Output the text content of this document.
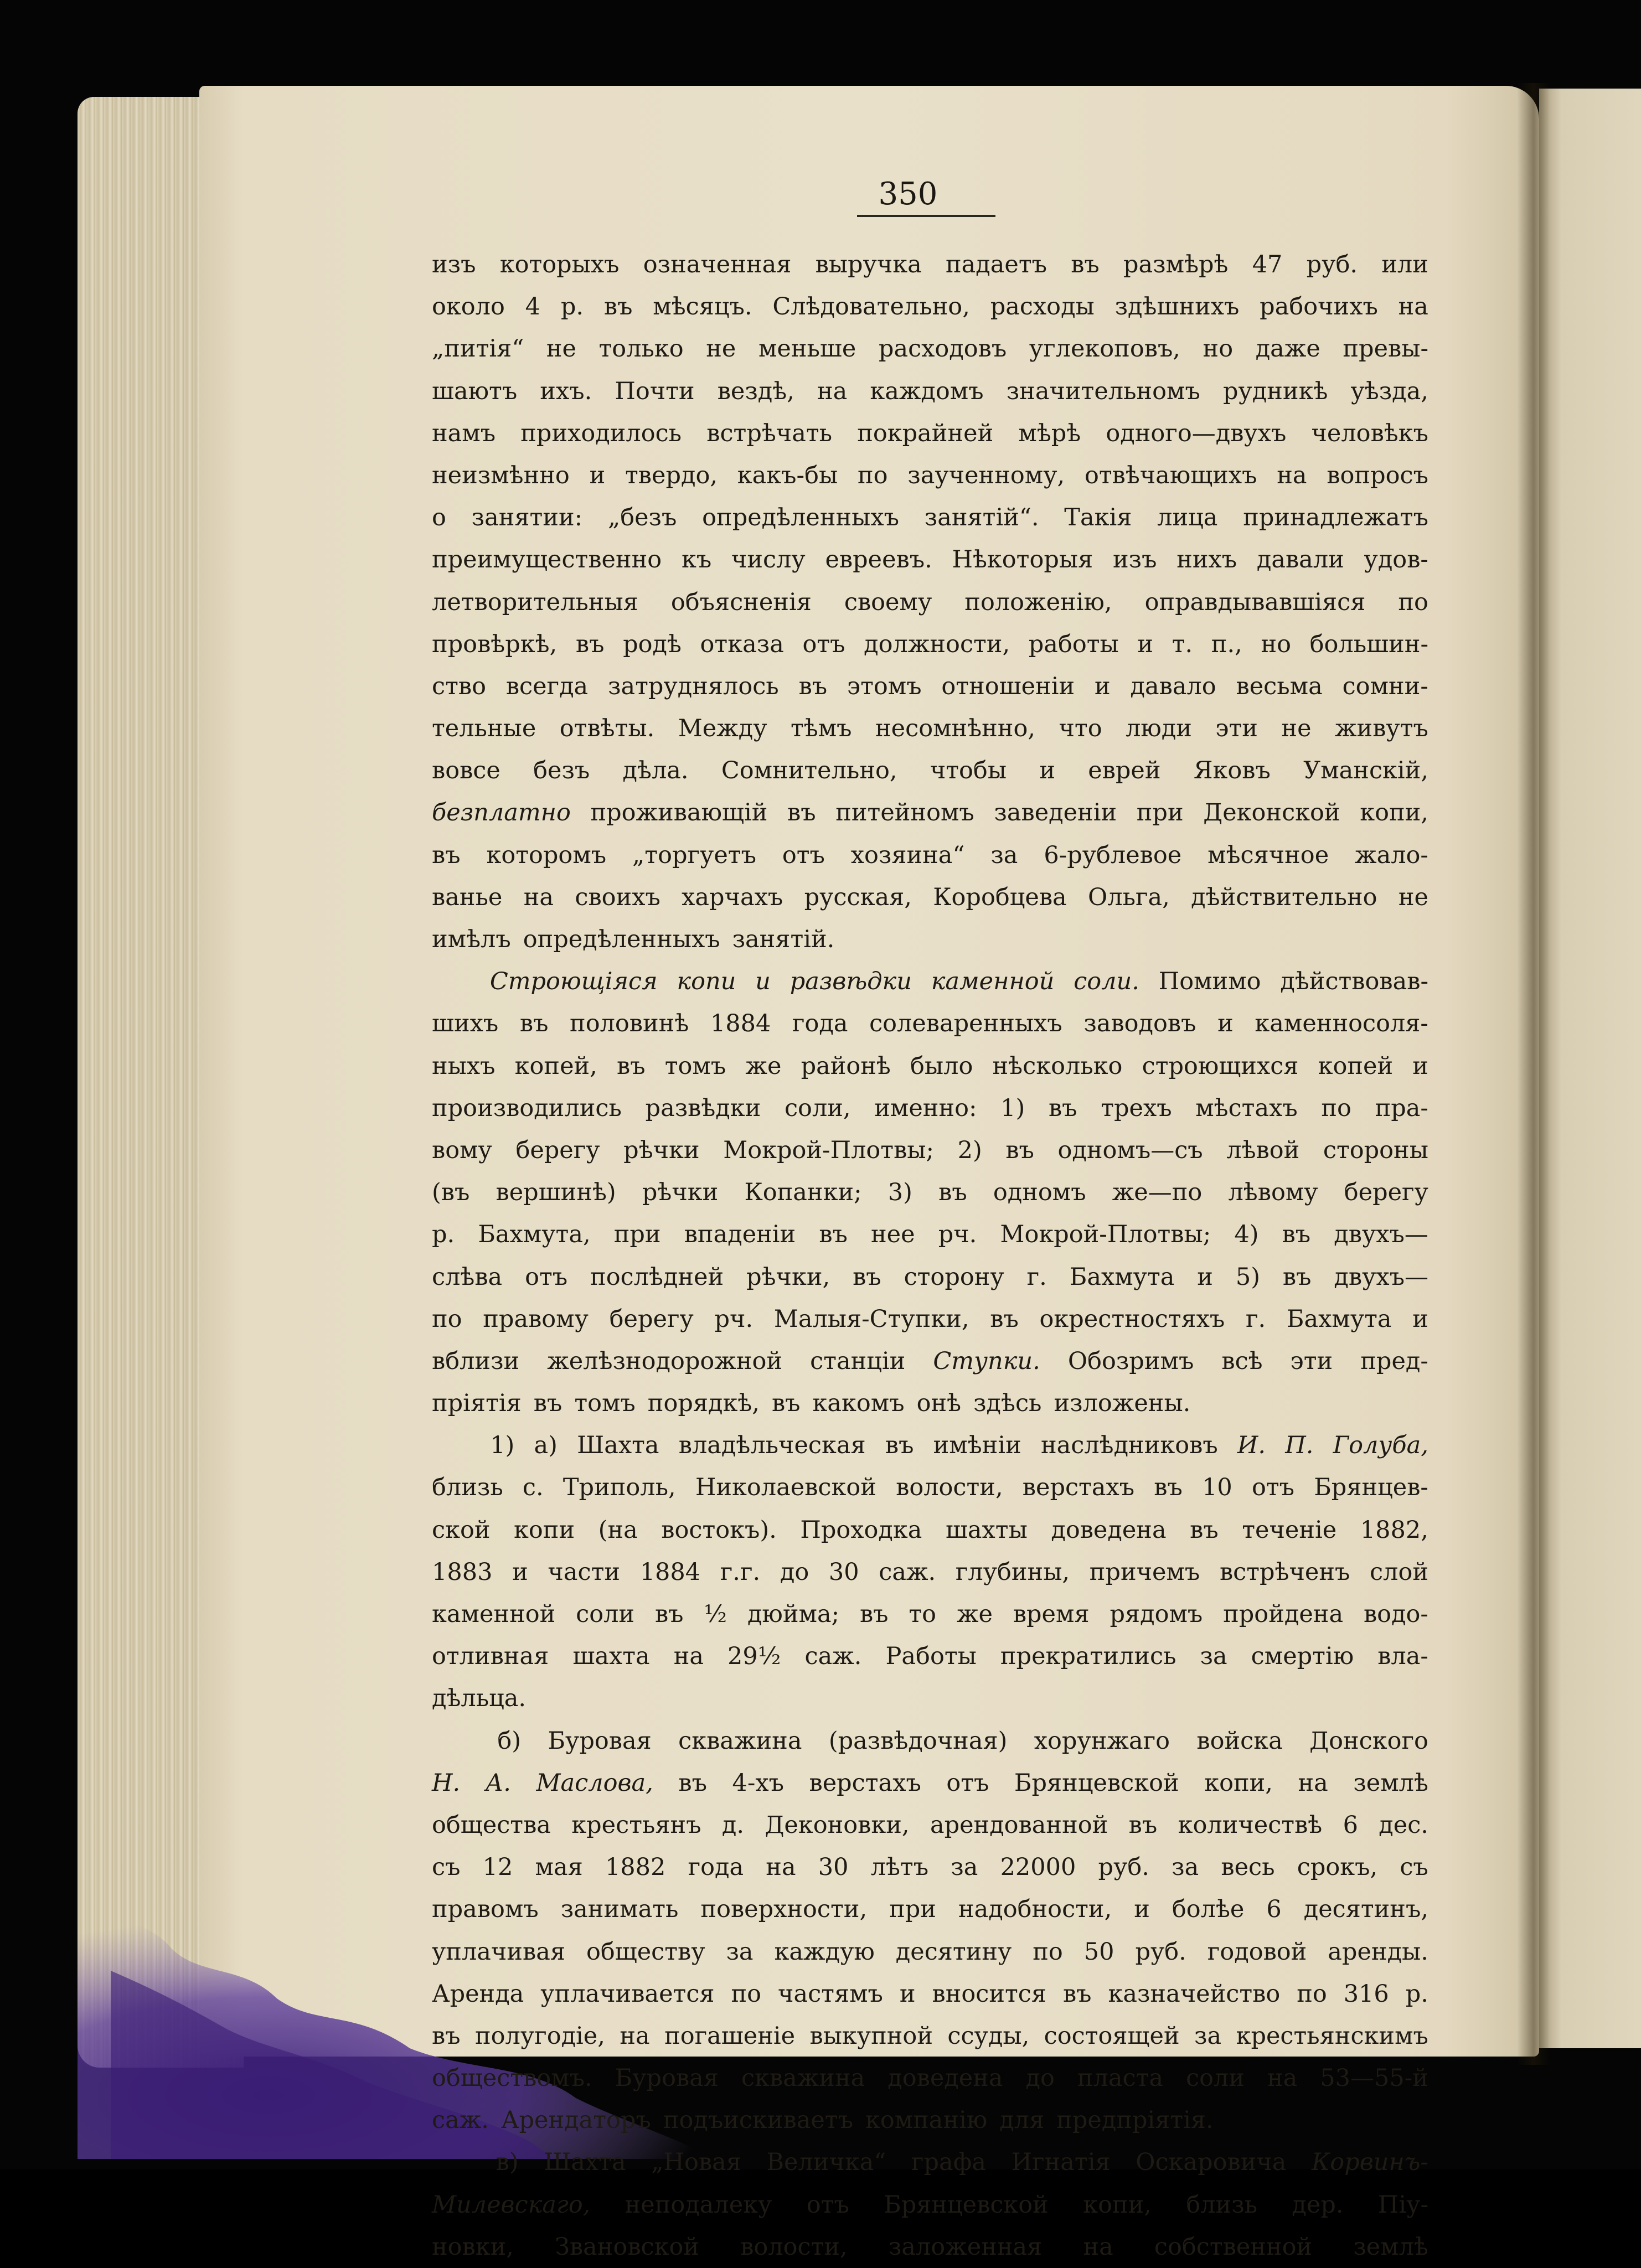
350
изъ которыхъ означенная выручка падаетъ въ размѣрѣ 47 руб. или
около 4 р. въ мѣсяцъ. Слѣдовательно, расходы здѣшнихъ рабочихъ на
„питія“ не только не меньше расходовъ углекоповъ, но даже превы-
шаютъ ихъ. Почти вездѣ, на каждомъ значительномъ рудникѣ уѣзда,
намъ приходилось встрѣчать покрайней мѣрѣ одного—двухъ человѣкъ
неизмѣнно и твердо, какъ-бы по заученному, отвѣчающихъ на вопросъ
о занятии: „безъ опредѣленныхъ занятій“. Такія лица принадлежатъ
преимущественно къ числу евреевъ. Нѣкоторыя изъ нихъ давали удов-
летворительныя объясненія своему положенію, оправдывавшіяся по
провѣркѣ, въ родѣ отказа отъ должности, работы и т. п., но большин-
ство всегда затруднялось въ этомъ отношеніи и давало весьма сомни-
тельные отвѣты. Между тѣмъ несомнѣнно, что люди эти не живутъ
вовсе безъ дѣла. Сомнительно, чтобы и еврей Яковъ Уманскій,
безплатно проживающій въ питейномъ заведеніи при Деконской копи,
въ которомъ „торгуетъ отъ хозяина“ за 6-рублевое мѣсячное жало-
ванье на своихъ харчахъ русская, Коробцева Ольга, дѣйствительно не
имѣлъ опредѣленныхъ занятій.
Строющіяся копи и развѣдки каменной соли. Помимо дѣйствовав-
шихъ въ половинѣ 1884 года солеваренныхъ заводовъ и каменносоля-
ныхъ копей, въ томъ же районѣ было нѣсколько строющихся копей и
производились развѣдки соли, именно: 1) въ трехъ мѣстахъ по пра-
вому берегу рѣчки Мокрой-Плотвы; 2) въ одномъ—съ лѣвой стороны
(въ вершинѣ) рѣчки Копанки; 3) въ одномъ же—по лѣвому берегу
р. Бахмута, при впаденіи въ нее рч. Мокрой-Плотвы; 4) въ двухъ—
слѣва отъ послѣдней рѣчки, въ сторону г. Бахмута и 5) въ двухъ—
по правому берегу рч. Малыя-Ступки, въ окрестностяхъ г. Бахмута и
вблизи желѣзнодорожной станціи Ступки. Обозримъ всѣ эти пред-
пріятія въ томъ порядкѣ, въ какомъ онѣ здѣсь изложены.
1) а) Шахта владѣльческая въ имѣніи наслѣдниковъ И. П. Голуба,
близь с. Триполь, Николаевской волости, верстахъ въ 10 отъ Брянцев-
ской копи (на востокъ). Проходка шахты доведена въ теченіе 1882,
1883 и части 1884 г.г. до 30 саж. глубины, причемъ встрѣченъ слой
каменной соли въ ½ дюйма; въ то же время рядомъ пройдена водо-
отливная шахта на 29½ саж. Работы прекратились за смертію вла-
дѣльца.
б) Буровая скважина (развѣдочная) хорунжаго войска Донского
Н. А. Маслова, въ 4-хъ верстахъ отъ Брянцевской копи, на землѣ
общества крестьянъ д. Деконовки, арендованной въ количествѣ 6 дес.
съ 12 мая 1882 года на 30 лѣтъ за 22000 руб. за весь срокъ, съ
правомъ занимать поверхности, при надобности, и болѣе 6 десятинъ,
уплачивая обществу за каждую десятину по 50 руб. годовой аренды.
Аренда уплачивается по частямъ и вносится въ казначейство по 316 р.
въ полугодіе, на погашеніе выкупной ссуды, состоящей за крестьянскимъ
обществомъ. Буровая скважина доведена до пласта соли на 53—55-й
саж. Арендаторъ подъискиваетъ компанію для предпріятія.
в) Шахта „Новая Величка“ графа Игнатія Оскаровича Корвинъ-
Милевскаго, неподалеку отъ Брянцевской копи, близь дер. Піу-
новки, Звановской волости, заложенная на собственной землѣ
